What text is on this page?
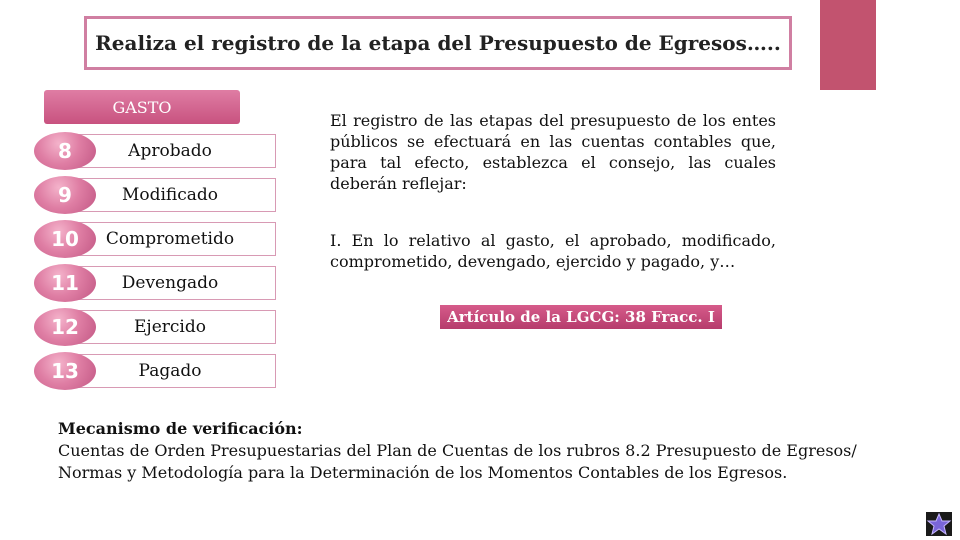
Realiza el registro de la etapa del Presupuesto de Egresos…..
GASTO
Aprobado
8
Modificado
9
Comprometido
10
Devengado
11
Ejercido
12
Pagado
13
El registro de las etapas del presupuesto de los entes públicos se efectuará en las cuentas contables que, para tal efecto, establezca el consejo, las cuales deberán reflejar:
I. En lo relativo al gasto, el aprobado, modificado, comprometido, devengado, ejercido y pagado, y…
Artículo de la LGCG: 38 Fracc. I
Mecanismo de verificación:
Cuentas de Orden Presupuestarias del Plan de Cuentas de los rubros 8.2 Presupuesto de Egresos/ Normas y Metodología para la Determinación de los Momentos Contables de los Egresos.
